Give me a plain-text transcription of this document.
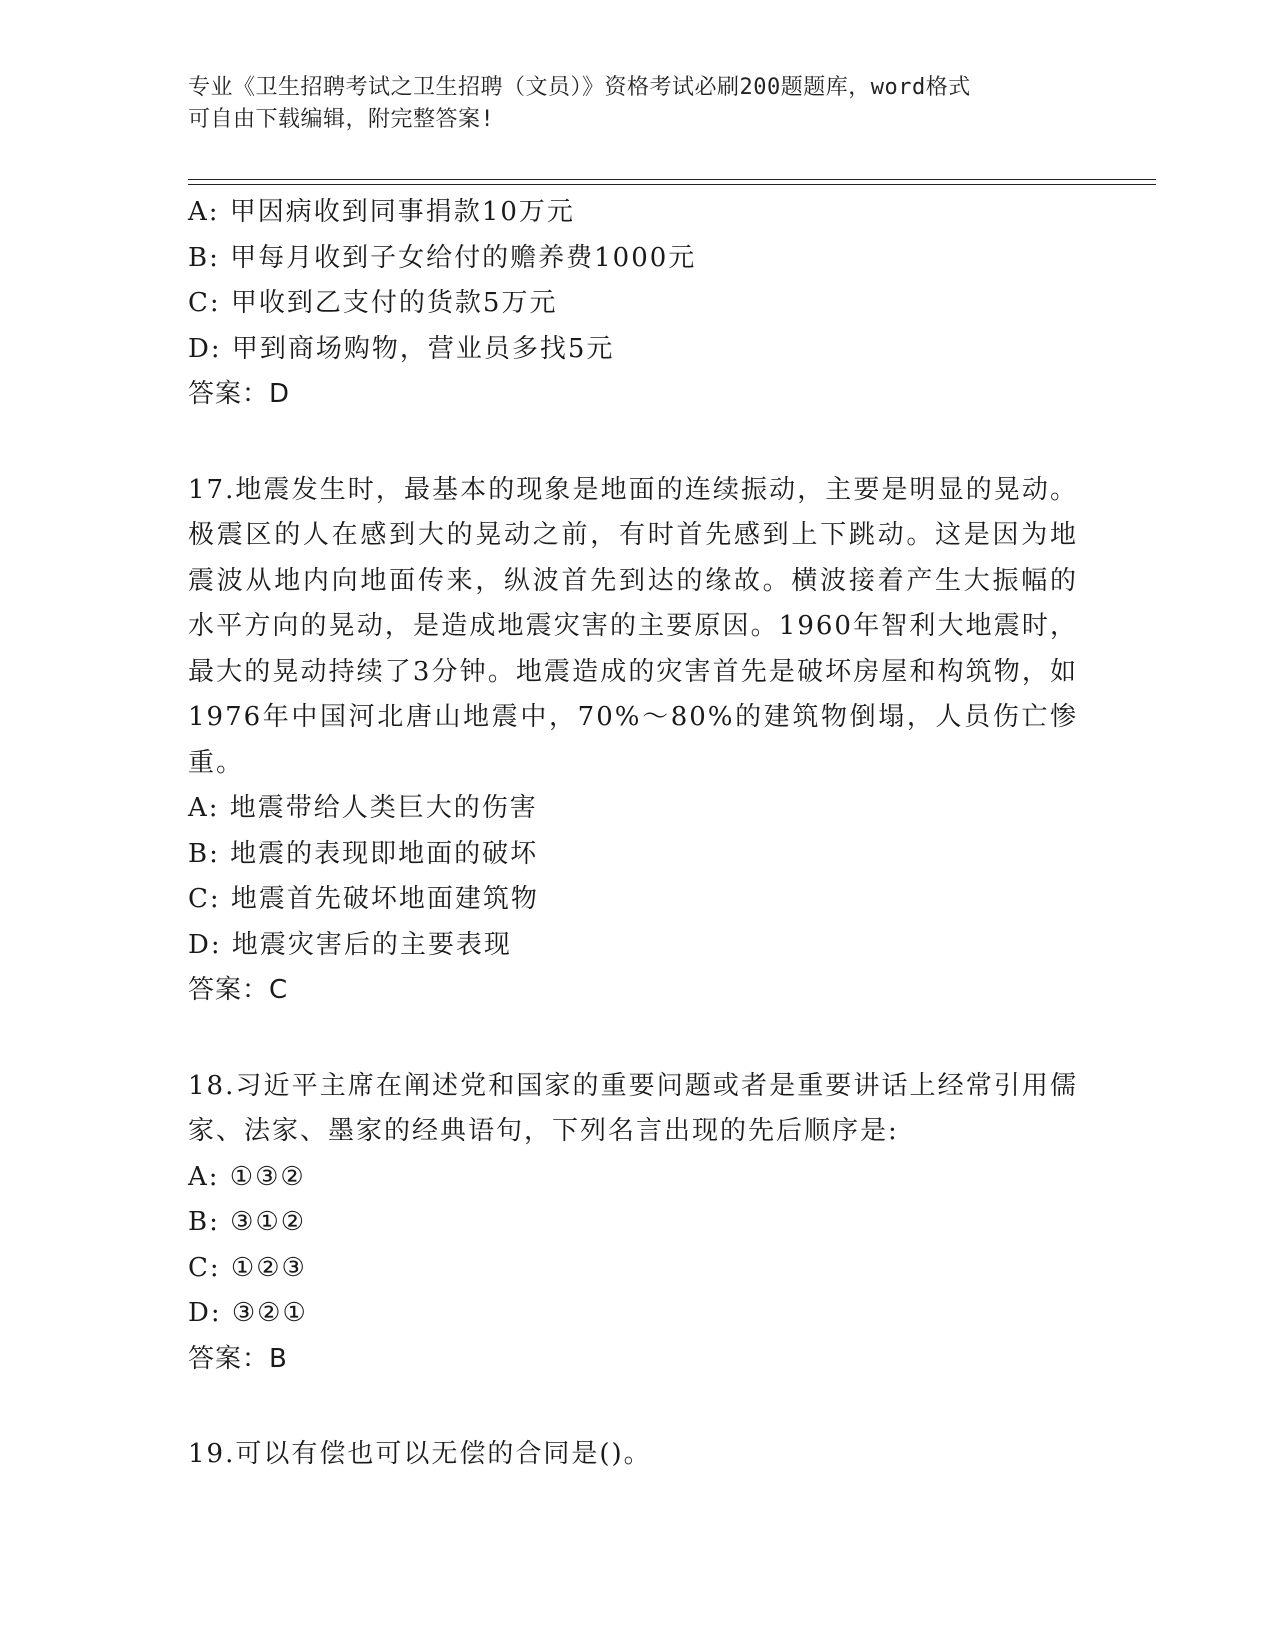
专业《卫生招聘考试之卫生招聘（文员）》资格考试必刷200题题库，word格式
可自由下载编辑，附完整答案!
A: 甲因病收到同事捐款10万元
B: 甲每月收到子女给付的赡养费1000元
C: 甲收到乙支付的货款5万元
D: 甲到商场购物，营业员多找5元
答案：D
17.地震发生时，最基本的现象是地面的连续振动，主要是明显的晃动。极震区的人在感到大的晃动之前，有时首先感到上下跳动。这是因为地震波从地内向地面传来，纵波首先到达的缘故。横波接着产生大振幅的水平方向的晃动，是造成地震灾害的主要原因。1960年智利大地震时，最大的晃动持续了3分钟。地震造成的灾害首先是破坏房屋和构筑物，如1976年中国河北唐山地震中，70%～80%的建筑物倒塌，人员伤亡惨重。
A: 地震带给人类巨大的伤害
B: 地震的表现即地面的破坏
C: 地震首先破坏地面建筑物
D: 地震灾害后的主要表现
答案：C
18.习近平主席在阐述党和国家的重要问题或者是重要讲话上经常引用儒家、法家、墨家的经典语句，下列名言出现的先后顺序是:
A: ①③②
B: ③①②
C: ①②③
D: ③②①
答案：B
19.可以有偿也可以无偿的合同是()。
